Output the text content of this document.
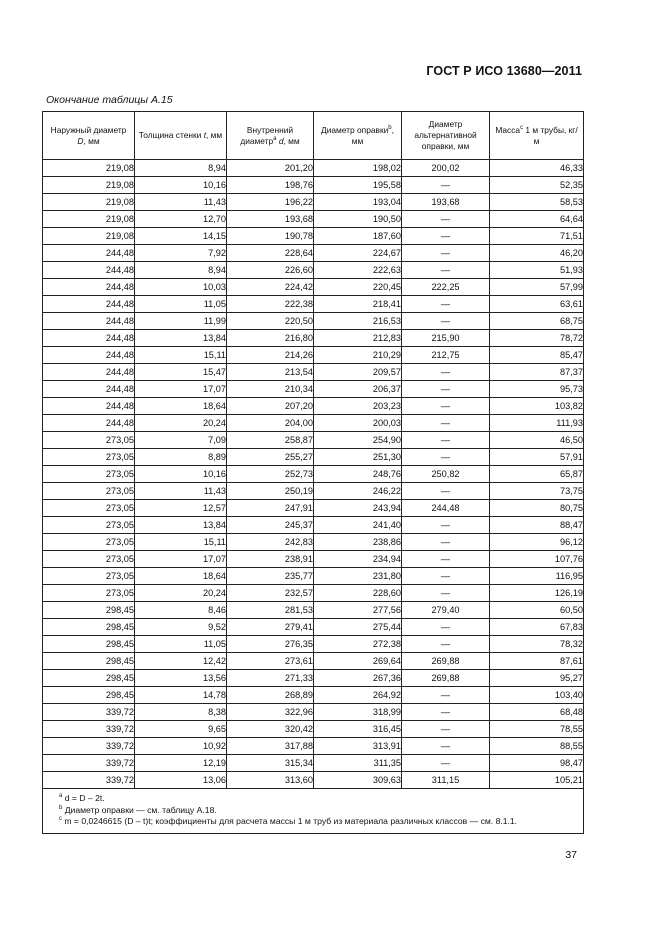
ГОСТ Р ИСО 13680—2011
Окончание таблицы А.15
Наружный диаметр D, мм	Толщина стенки t, мм	Внутренний диаметр$^a$ d, мм	Диаметр оправки$^b$, мм	Диаметр альтернативной оправки, мм	Масса$^c$ 1 м трубы, кг/м
219,08	8,94	201,20	198,02	200,02	46,33
219,08	10,16	198,76	195,58	—	52,35
219,08	11,43	196,22	193,04	193,68	58,53
219,08	12,70	193,68	190,50	—	64,64
219,08	14,15	190,78	187,60	—	71,51
244,48	7,92	228,64	224,67	—	46,20
244,48	8,94	226,60	222,63	—	51,93
244,48	10,03	224,42	220,45	222,25	57,99
244,48	11,05	222,38	218,41	—	63,61
244,48	11,99	220,50	216,53	—	68,75
244,48	13,84	216,80	212,83	215,90	78,72
244,48	15,11	214,26	210,29	212,75	85,47
244,48	15,47	213,54	209,57	—	87,37
244,48	17,07	210,34	206,37	—	95,73
244,48	18,64	207,20	203,23	—	103,82
244,48	20,24	204,00	200,03	—	111,93
273,05	7,09	258,87	254,90	—	46,50
273,05	8,89	255,27	251,30	—	57,91
273,05	10,16	252,73	248,76	250,82	65,87
273,05	11,43	250,19	246,22	—	73,75
273,05	12,57	247,91	243,94	244,48	80,75
273,05	13,84	245,37	241,40	—	88,47
273,05	15,11	242,83	238,86	—	96,12
273,05	17,07	238,91	234,94	—	107,76
273,05	18,64	235,77	231,80	—	116,95
273,05	20,24	232,57	228,60	—	126,19
298,45	8,46	281,53	277,56	279,40	60,50
298,45	9,52	279,41	275,44	—	67,83
298,45	11,05	276,35	272,38	—	78,32
298,45	12,42	273,61	269,64	269,88	87,61
298,45	13,56	271,33	267,36	269,88	95,27
298,45	14,78	268,89	264,92	—	103,40
339,72	8,38	322,96	318,99	—	68,48
339,72	9,65	320,42	316,45	—	78,55
339,72	10,92	317,88	313,91	—	88,55
339,72	12,19	315,34	311,35	—	98,47
339,72	13,06	313,60	309,63	311,15	105,21

$^a$ d = D – 2t.
$^b$ Диаметр оправки — см. таблицу А.18.
$^c$ m = 0,0246615 (D – t)t; коэффициенты для расчета массы 1 м труб из материала различных классов — см. 8.1.1.					
37
